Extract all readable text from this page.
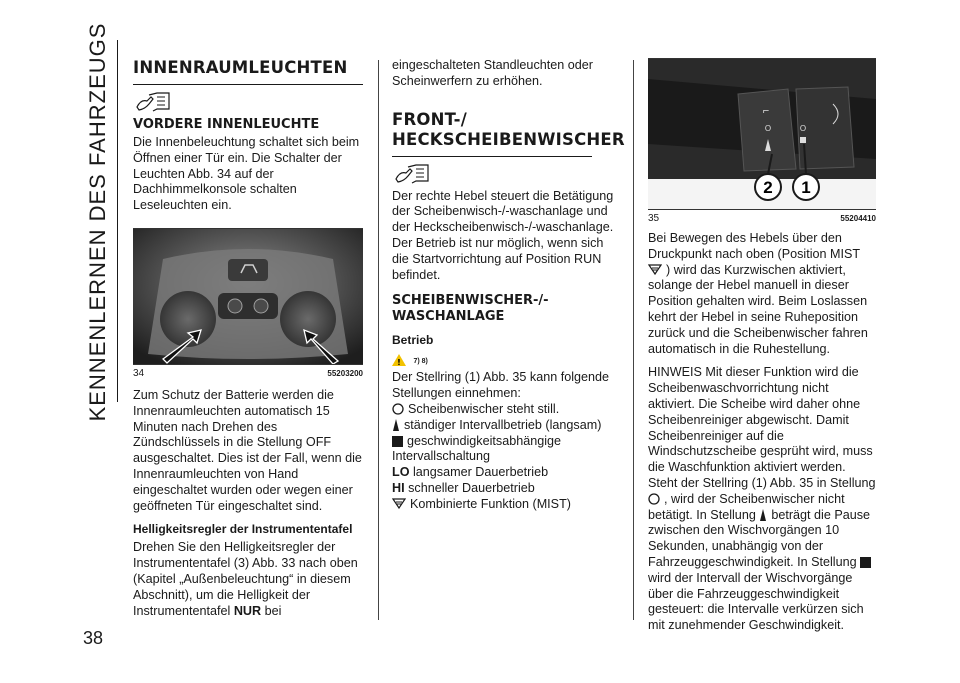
KENNENLERNEN DES FAHRZEUGS
38
INNENRAUMLEUCHTEN
VORDERE INNENLEUCHTE

Die Innenbeleuchtung schaltet sich beim Öffnen einer Tür ein. Die Schalter der Leuchten Abb. 34 auf der Dachhimmelkonsole schalten Leseleuchten ein.

34	55203200

Zum Schutz der Batterie werden die Innenraumleuchten automatisch 15 Minuten nach Drehen des Zündschlüssels in die Stellung OFF ausgeschaltet. Dies ist der Fall, wenn die Innenraumleuchten von Hand eingeschaltet wurden oder wegen einer geöffneten Tür eingeschaltet sind.

Helligkeitsregler der Instrumententafel

Drehen Sie den Helligkeitsregler der Instrumententafel (3) Abb. 33 nach oben (Kapitel „Außenbeleuchtung“ in diesem Abschnitt), um die Helligkeit der Instrumententafel NUR bei

eingeschalteten Standleuchten oder Scheinwerfern zu erhöhen.

FRONT-/ HECKSCHEIBENWISCHER

Der rechte Hebel steuert die Betätigung der Scheibenwisch-/-waschanlage und der Heckscheibenwisch-/-waschanlage. Der Betrieb ist nur möglich, wenn sich die Startvorrichtung auf Position RUN befindet.

SCHEIBENWISCHER-/-WASCHANLAGE
Betrieb
! 7) 8)

Der Stellring (1) Abb. 35 kann folgende Stellungen einnehmen:

Scheibenwischer steht still.

ständiger Intervallbetrieb (langsam)

geschwindigkeitsabhängige Intervallschaltung

LO langsamer Dauerbetrieb

HI schneller Dauerbetrieb

Kombinierte Funktion (MIST)

⌐
O	O
2 1
35	55204410

Bei Bewegen des Hebels über den Druckpunkt nach oben (Position MIST ) wird das Kurzwischen aktiviert, solange der Hebel manuell in dieser Position gehalten wird. Beim Loslassen kehrt der Hebel in seine Ruheposition zurück und die Scheibenwischer fahren automatisch in die Ruhestellung.

HINWEIS Mit dieser Funktion wird die Scheibenwaschvorrichtung nicht aktiviert. Die Scheibe wird daher ohne Scheibenreiniger abgewischt. Damit Scheibenreiniger auf die Windschutzscheibe gesprüht wird, muss die Waschfunktion aktiviert werden.

Steht der Stellring (1) Abb. 35 in Stellung , wird der Scheibenwischer nicht betätigt. In Stellung beträgt die Pause zwischen den Wischvorgängen 10 Sekunden, unabhängig von der Fahrzeuggeschwindigkeit. In Stellung wird der Intervall der Wischvorgänge über die Fahrzeuggeschwindigkeit gesteuert: die Intervalle verkürzen sich mit zunehmender Geschwindigkeit.
